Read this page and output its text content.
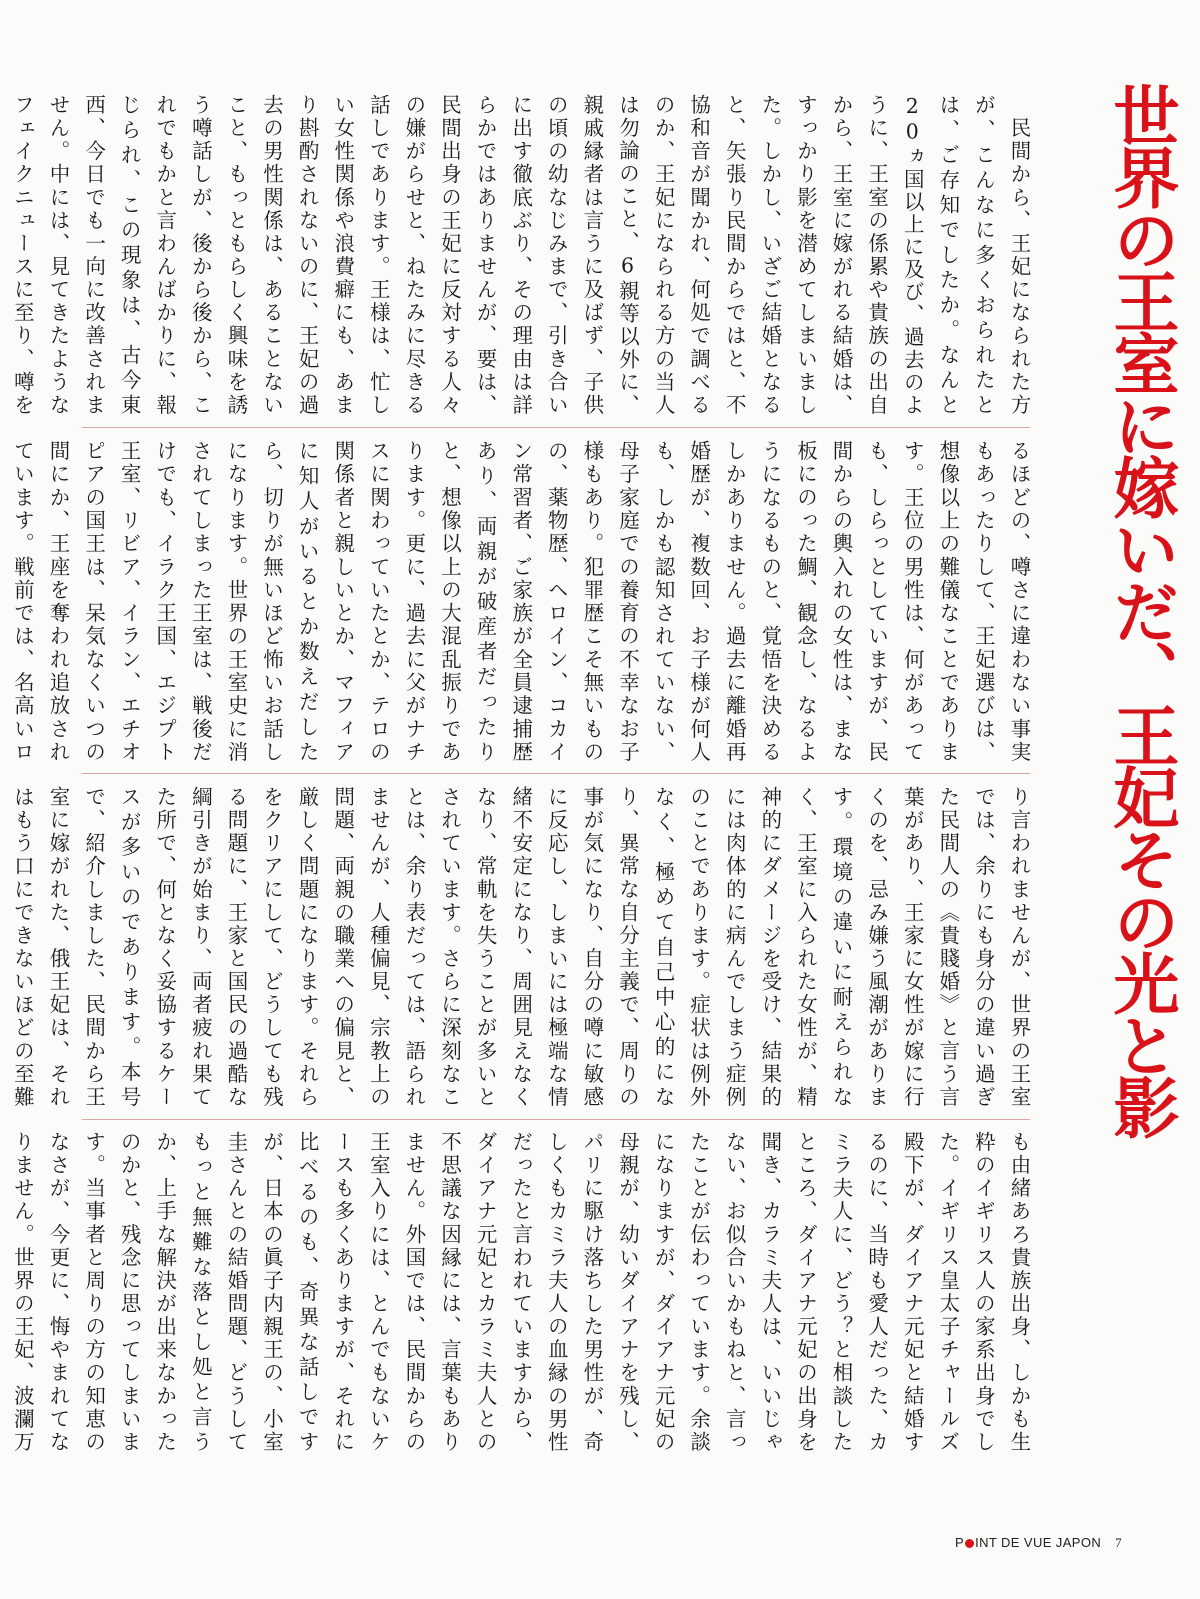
世界の王室に嫁いだ、王妃その光と影

　民間から、王妃になられた方が、こんなに多くおられたとは、ご存知でしたか。なんと20ヵ国以上に及び、過去のように、王室の係累や貴族の出自から、王室に嫁がれる結婚は、すっかり影を潜めてしまいました。しかし、いざご結婚となると、矢張り民間からではと、不協和音が聞かれ、何処で調べるのか、王妃になられる方の当人は勿論のこと、6親等以外に、親戚縁者は言うに及ばず、子供の頃の幼なじみまで、引き合いに出す徹底ぶり、その理由は詳らかではありませんが、要は、民間出身の王妃に反対する人々の嫌がらせと、ねたみに尽きる話しであります。王様は、忙しい女性関係や浪費癖にも、あまり斟酌されないのに、王妃の過去の男性関係は、あることないこと、もっともらしく興味を誘う噂話しが、後から後から、これでもかと言わんばかりに、報じられ、この現象は、古今東西、今日でも一向に改善されません。中には、見てきたようなフェイクニュースに至り、噂を

るほどの、噂さに違わない事実もあったりして、王妃選びは、想像以上の難儀なことであります。王位の男性は、何があっても、しらっとしていますが、民間からの輿入れの女性は、まな板にのった鯛、観念し、なるようになるものと、覚悟を決めるしかありません。過去に離婚再婚歴が、複数回、お子様が何人も、しかも認知されていない、母子家庭での養育の不幸なお子様もあり。犯罪歴こそ無いものの、薬物歴、ヘロイン、コカイン常習者、ご家族が全員逮捕歴あり、両親が破産者だったりと、想像以上の大混乱振りであります。更に、過去に父がナチスに関わっていたとか、テロの関係者と親しいとか、マフィアに知人がいるとか数えだしたら、切りが無いほど怖いお話しになります。世界の王室史に消されてしまった王室は、戦後だけでも、イラク王国、エジプト王室、リビア、イラン、エチオピアの国王は、呆気なくいつの間にか、王座を奪われ追放されています。戦前では、名高いロ

り言われませんが、世界の王室では、余りにも身分の違い過ぎた民間人の《貴賤婚》と言う言葉があり、王家に女性が嫁に行くのを、忌み嫌う風潮があります。環境の違いに耐えられなく、王室に入られた女性が、精神的にダメージを受け、結果的には肉体的に病んでしまう症例のことであります。症状は例外なく、極めて自己中心的になり、異常な自分主義で、周りの事が気になり、自分の噂に敏感に反応し、しまいには極端な情緒不安定になり、周囲見えなくなり、常軌を失うことが多いとされています。さらに深刻なことは、余り表だっては、語られませんが、人種偏見、宗教上の問題、両親の職業への偏見と、厳しく問題になります。それらをクリアにして、どうしても残る問題に、王家と国民の過酷な綱引きが始まり、両者疲れ果てた所で、何となく妥協するケースが多いのであります。本号で、紹介しました、民間から王室に嫁がれた、俄王妃は、それはもう口にできないほどの至難

も由緒あろ貴族出身、しかも生粋のイギリス人の家系出身でした。イギリス皇太子チャールズ殿下が、ダイアナ元妃と結婚するのに、当時も愛人だった、カミラ夫人に、どう？と相談したところ、ダイアナ元妃の出身を聞き、カラミ夫人は、いいじゃない、お似合いかもねと、言ったことが伝わっています。余談になりますが、ダイアナ元妃の母親が、幼いダイアナを残し、パリに駆け落ちした男性が、奇しくもカミラ夫人の血縁の男性だったと言われていますから、ダイアナ元妃とカラミ夫人との不思議な因縁には、言葉もありません。外国では、民間からの王室入りには、とんでもないケースも多くありますが、それに比べるのも、奇異な話しですが、日本の眞子内親王の、小室圭さんとの結婚問題、どうしてもっと無難な落とし処と言うか、上手な解決が出来なかったのかと、残念に思ってしまいます。当事者と周りの方の知恵のなさが、今更に、悔やまれてなりません。世界の王妃、波瀾万

P INT DE VUE JAPON 7
